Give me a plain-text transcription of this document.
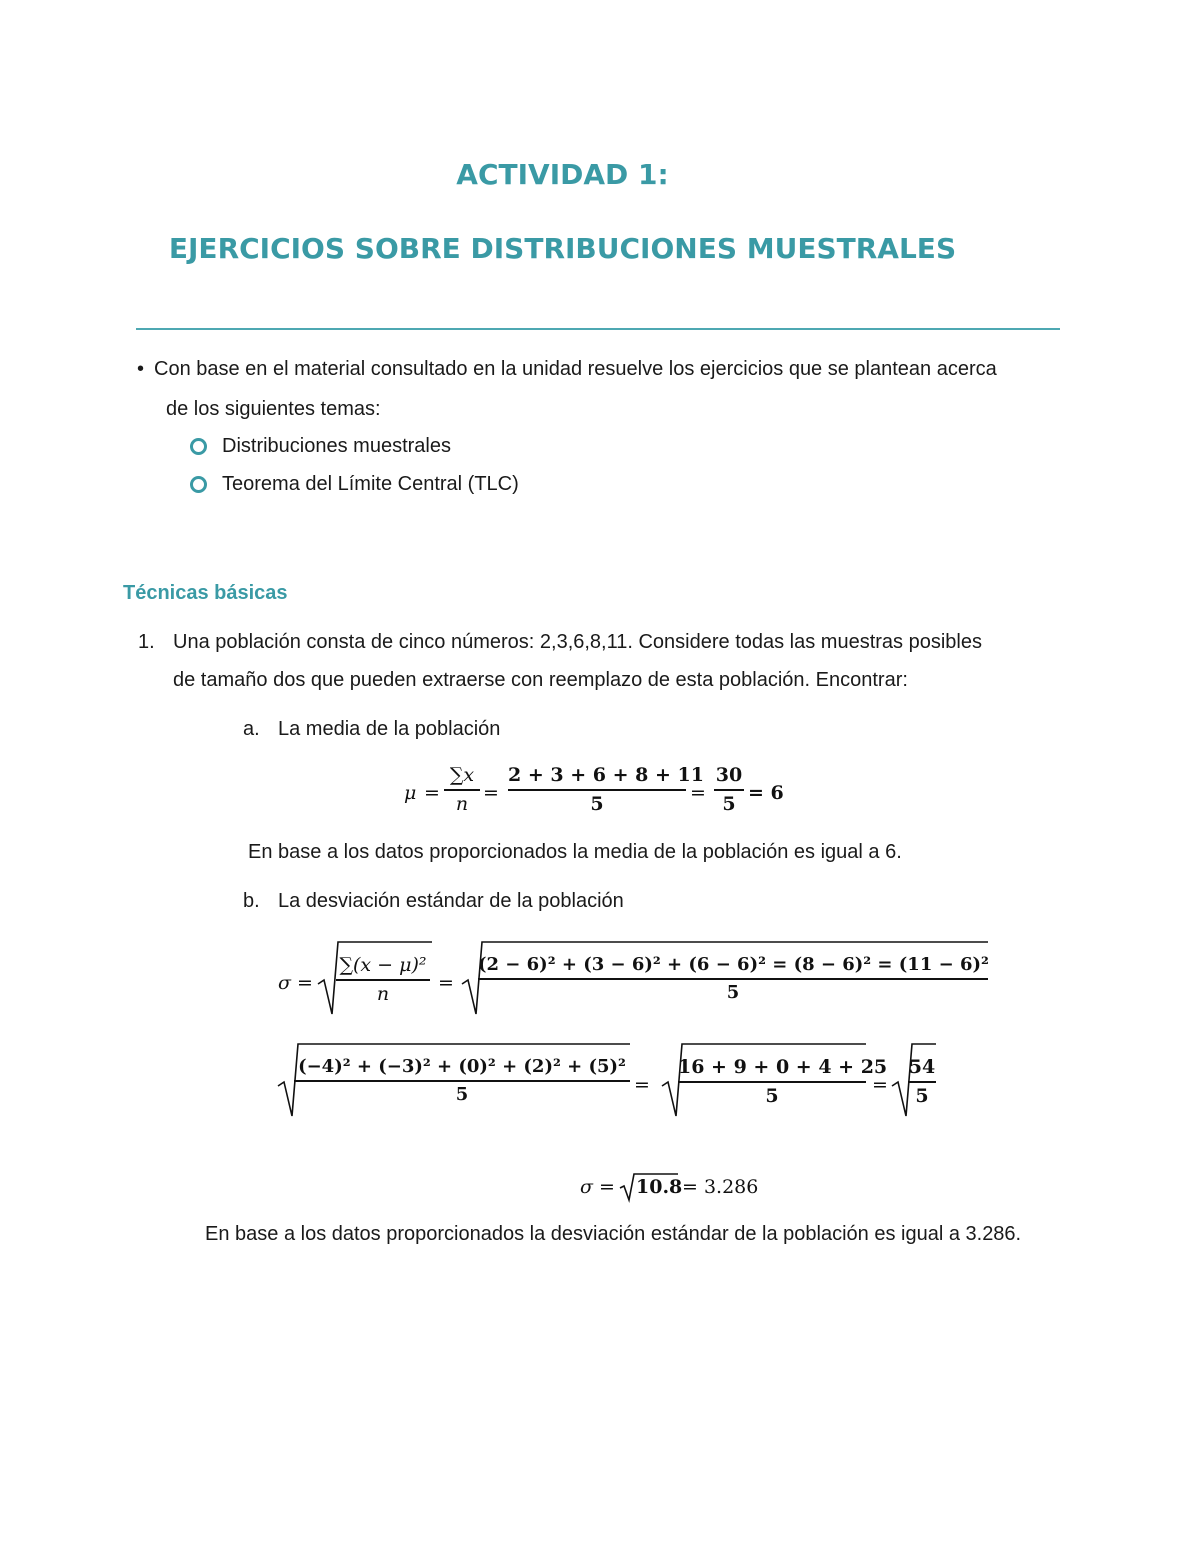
ACTIVIDAD 1:
EJERCICIOS SOBRE DISTRIBUCIONES MUESTRALES
• Con base en el material consultado en la unidad resuelve los ejercicios que se plantean acerca
de los siguientes temas:
Distribuciones muestrales
Teorema del Límite Central (TLC)
Técnicas básicas
1. Una población consta de cinco números: 2,3,6,8,11. Considere todas las muestras posibles
de tamaño dos que pueden extraerse con reemplazo de esta población. Encontrar:
a. La media de la población
En base a los datos proporcionados la media de la población es igual a 6.
b. La desviación estándar de la población
En base a los datos proporcionados la desviación estándar de la población es igual a 3.286.
μ =
∑𝑥
𝑛 =
2 + 3 + 6 + 8 + 11
5	=
30
5 = 6
σ =
∑(𝑥 − 𝜇)²
𝑛	=
(2 − 6)² + (3 − 6)² + (6 − 6)² = (8 − 6)² = (11 − 6)²
5
(−4)² + (−3)² + (0)² + (2)² + (5)²
5	=
16 + 9 + 0 + 4 + 25
5	=
54
5
σ = 10.8 = 3.286
